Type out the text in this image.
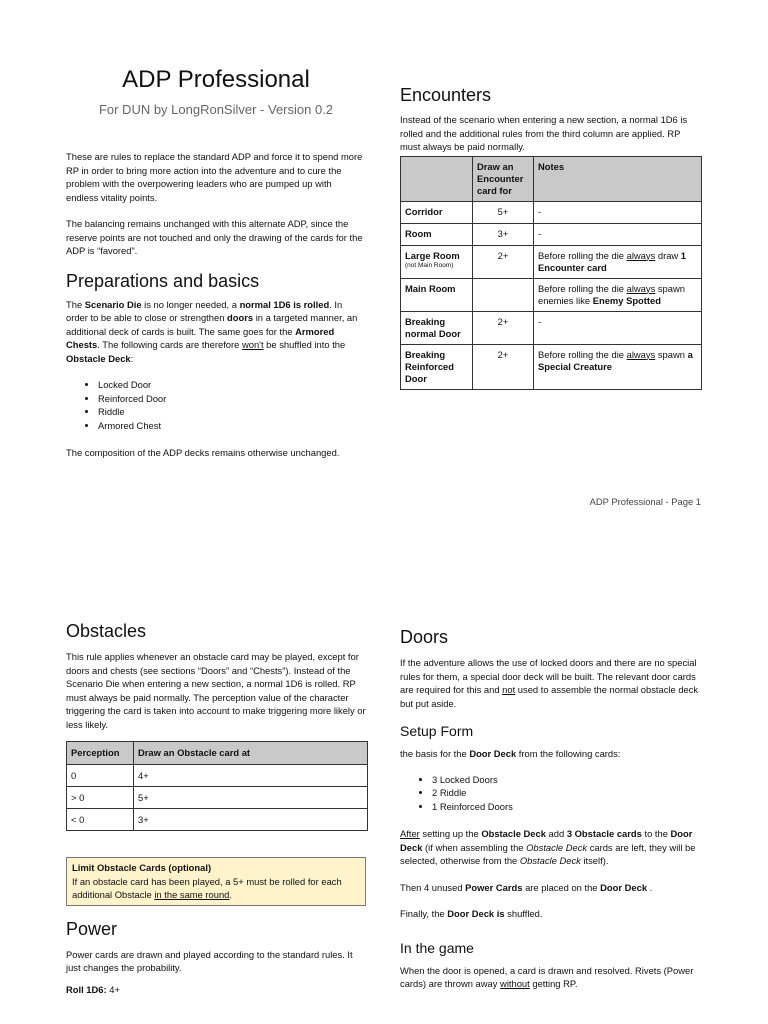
ADP Professional
For DUN by LongRonSilver - Version 0.2

These are rules to replace the standard ADP and force it to spend more RP in order to bring more action into the adventure and to cure the problem with the overpowering leaders who are pumped up with endless vitality points.

The balancing remains unchanged with this alternate ADP, since the reserve points are not touched and only the drawing of the cards for the ADP is “favored”.

Preparations and basics

The Scenario Die is no longer needed, a normal 1D6 is rolled. In order to be able to close or strengthen doors in a targeted manner, an additional deck of cards is built. The same goes for the Armored Chests. The following cards are therefore won't be shuffled into the Obstacle Deck:

• Locked Door
• Reinforced Door
• Riddle
• Armored Chest

The composition of the ADP decks remains otherwise unchanged.

Encounters

Instead of the scenario when entering a new section, a normal 1D6 is rolled and the additional rules from the third column are applied. RP must always be paid normally.

	Draw an Encounter card for	Notes
Corridor	5+	-
Room	3+	-
Large Room
(not Main Room)	2+	Before rolling the die always draw 1 Encounter card
Main Room		Before rolling the die always spawn enemies like Enemy Spotted
Breaking normal Door	2+	-
Breaking Reinforced Door	2+	Before rolling the die always spawn a Special Creature
ADP Professional - Page 1
Obstacles

This rule applies whenever an obstacle card may be played, except for doors and chests (see sections “Doors” and “Chests”). Instead of the Scenario Die when entering a new section, a normal 1D6 is rolled. RP must always be paid normally. The perception value of the character triggering the card is taken into account to make triggering more likely or less likely.

Perception	Draw an Obstacle card at
0	4+
> 0	5+
< 0	3+
Limit Obstacle Cards (optional)
If an obstacle card has been played, a 5+ must be rolled for each additional Obstacle in the same round.
Power

Power cards are drawn and played according to the standard rules. It just changes the probability.

Roll 1D6: 4+

Doors

If the adventure allows the use of locked doors and there are no special rules for them, a special door deck will be built. The relevant door cards are required for this and not used to assemble the normal obstacle deck but put aside.

Setup Form

the basis for the Door Deck from the following cards:

• 3 Locked Doors
• 2 Riddle
• 1 Reinforced Doors

After setting up the Obstacle Deck add 3 Obstacle cards to the Door Deck (if when assembling the Obstacle Deck cards are left, they will be selected, otherwise from the Obstacle Deck itself).

Then 4 unused Power Cards are placed on the Door Deck .

Finally, the Door Deck is shuffled.

In the game

When the door is opened, a card is drawn and resolved. Rivets (Power cards) are thrown away without getting RP.
